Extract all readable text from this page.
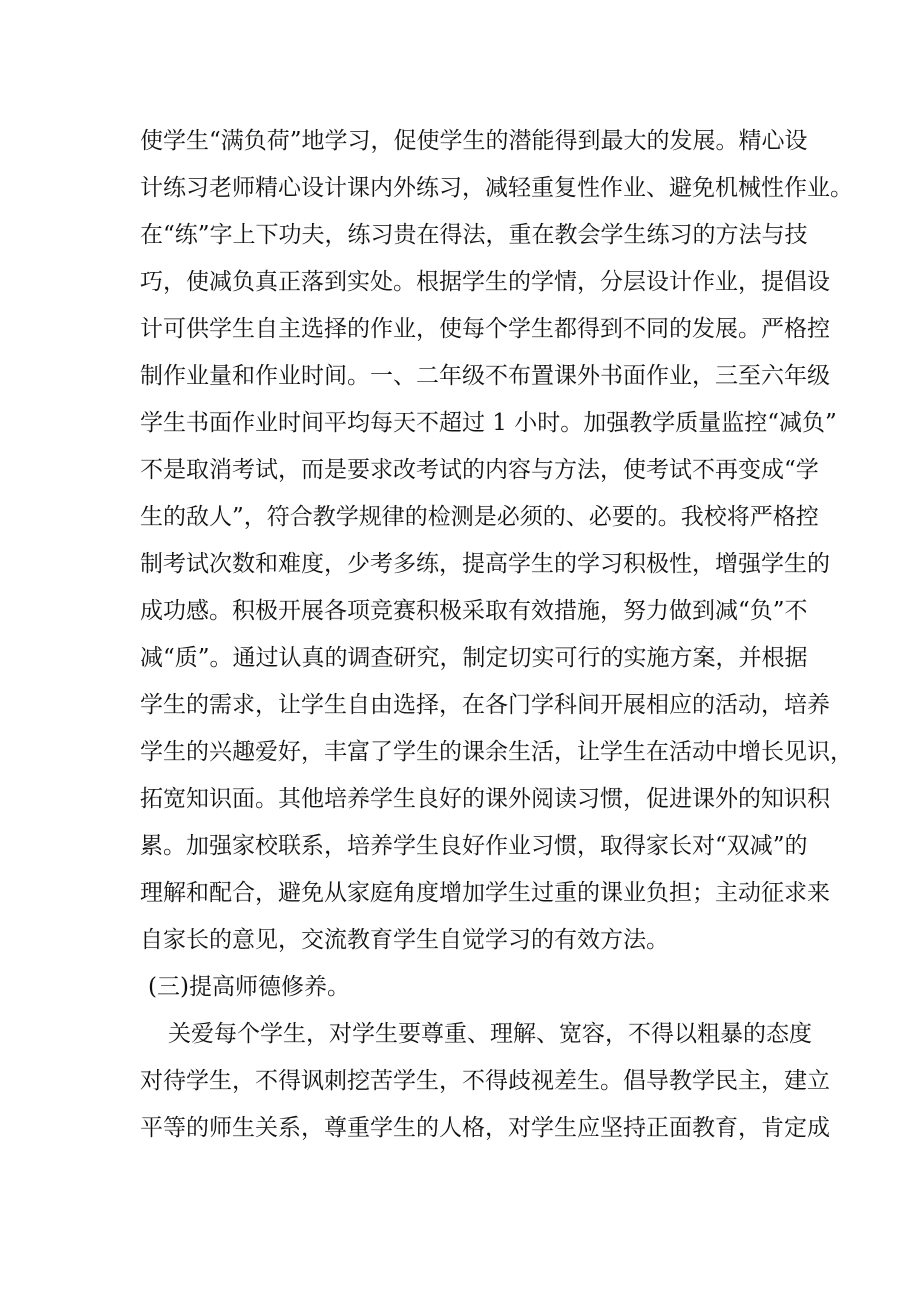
使学生“满负荷”地学习，促使学生的潜能得到最大的发展。精心设
计练习老师精心设计课内外练习，减轻重复性作业、避免机械性作业。
在“练”字上下功夫，练习贵在得法，重在教会学生练习的方法与技
巧，使减负真正落到实处。根据学生的学情，分层设计作业，提倡设
计可供学生自主选择的作业，使每个学生都得到不同的发展。严格控
制作业量和作业时间。一、二年级不布置课外书面作业，三至六年级
学生书面作业时间平均每天不超过 1 小时。加强教学质量监控“减负”
不是取消考试，而是要求改考试的内容与方法，使考试不再变成“学
生的敌人”，符合教学规律的检测是必须的、必要的。我校将严格控
制考试次数和难度，少考多练，提高学生的学习积极性，增强学生的
成功感。积极开展各项竞赛积极采取有效措施，努力做到减“负”不
减“质”。通过认真的调查研究，制定切实可行的实施方案，并根据
学生的需求，让学生自由选择，在各门学科间开展相应的活动，培养
学生的兴趣爱好，丰富了学生的课余生活，让学生在活动中增长见识，
拓宽知识面。其他培养学生良好的课外阅读习惯，促进课外的知识积
累。加强家校联系，培养学生良好作业习惯，取得家长对“双减”的
理解和配合，避免从家庭角度增加学生过重的课业负担；主动征求来
自家长的意见，交流教育学生自觉学习的有效方法。
(三)提高师德修养。
关爱每个学生，对学生要尊重、理解、宽容，不得以粗暴的态度
对待学生，不得讽刺挖苦学生，不得歧视差生。倡导教学民主，建立
平等的师生关系，尊重学生的人格，对学生应坚持正面教育，肯定成
